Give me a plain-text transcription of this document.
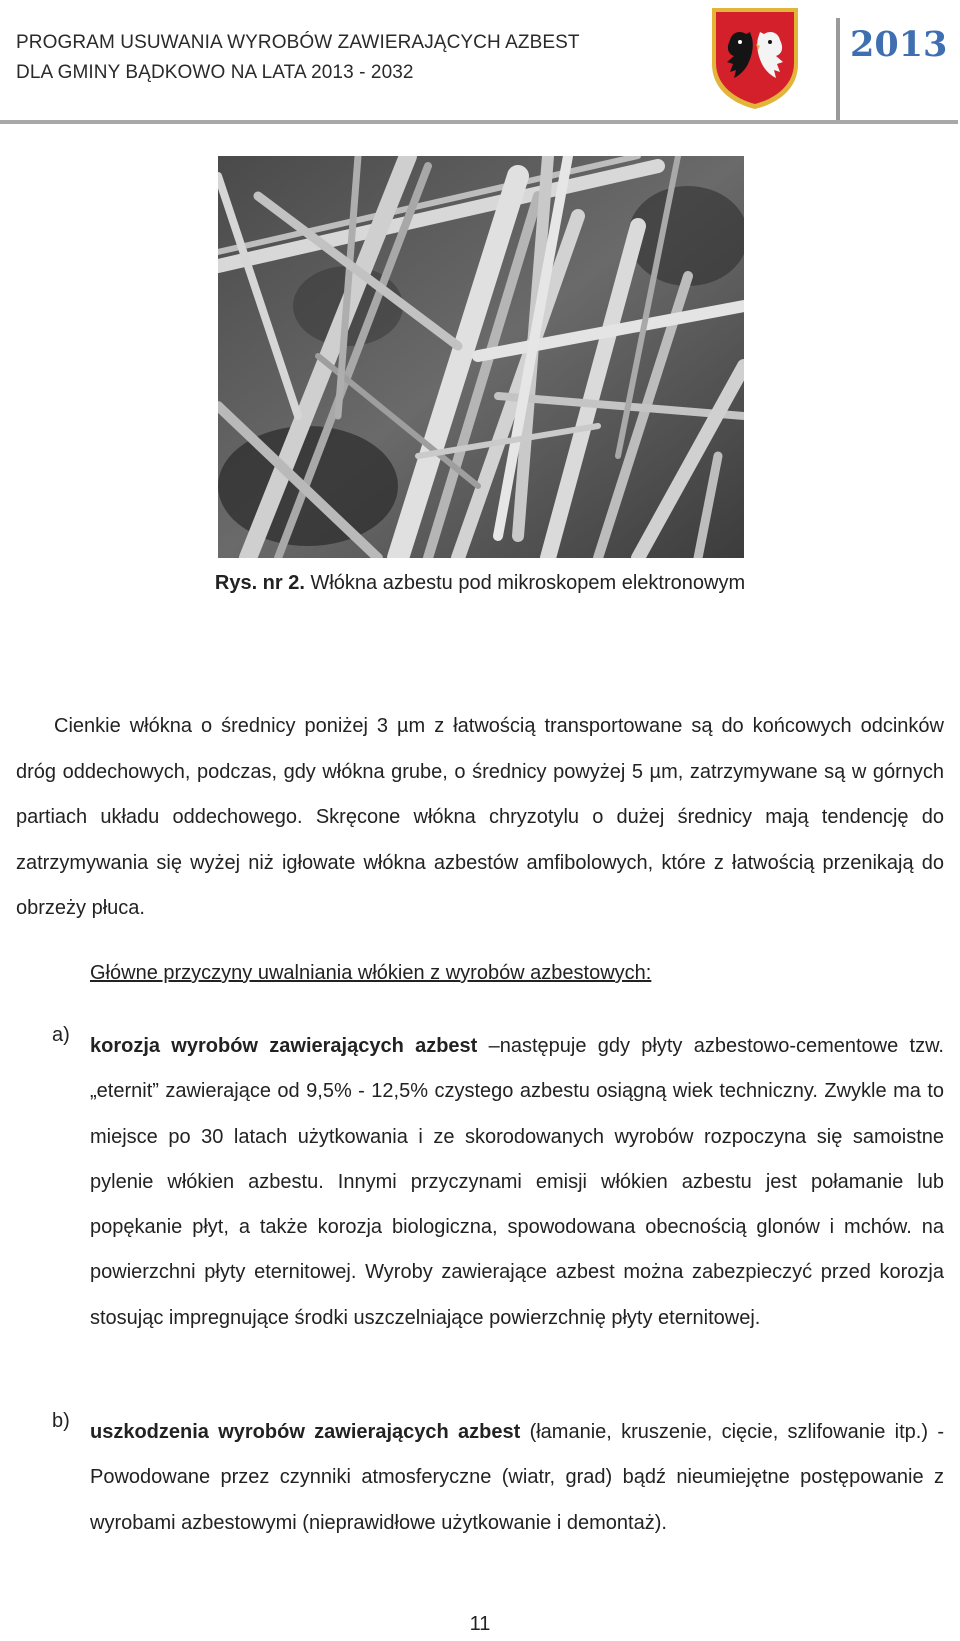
PROGRAM USUWANIA WYROBÓW ZAWIERAJĄCYCH AZBEST
DLA GMINY BĄDKOWO NA LATA 2013 - 2032
2013
Rys. nr 2. Włókna azbestu pod mikroskopem elektronowym
Cienkie włókna o średnicy poniżej 3 µm z łatwością transportowane są do końcowych odcinków dróg oddechowych, podczas, gdy włókna grube, o średnicy powyżej 5 µm, zatrzymywane są w górnych partiach układu oddechowego. Skręcone włókna chryzotylu o dużej średnicy mają tendencję do zatrzymywania się wyżej niż igłowate włókna azbestów amfibolowych, które z łatwością przenikają do obrzeży płuca.
Główne przyczyny uwalniania włókien z wyrobów azbestowych:
a) korozja wyrobów zawierających azbest –następuje gdy płyty azbestowo-cementowe tzw. „eternit” zawierające od 9,5% - 12,5% czystego azbestu osiągną wiek techniczny. Zwykle ma to miejsce po 30 latach użytkowania i ze skorodowanych wyrobów rozpoczyna się samoistne pylenie włókien azbestu. Innymi przyczynami emisji włókien azbestu jest połamanie lub popękanie płyt, a także korozja biologiczna, spowodowana obecnością glonów i mchów. na powierzchni płyty eternitowej. Wyroby zawierające azbest można zabezpieczyć przed korozja stosując impregnujące środki uszczelniające powierzchnię płyty eternitowej.
b) uszkodzenia wyrobów zawierających azbest (łamanie, kruszenie, cięcie, szlifowanie itp.) - Powodowane przez czynniki atmosferyczne (wiatr, grad) bądź nieumiejętne postępowanie z wyrobami azbestowymi (nieprawidłowe użytkowanie i demontaż).
11
